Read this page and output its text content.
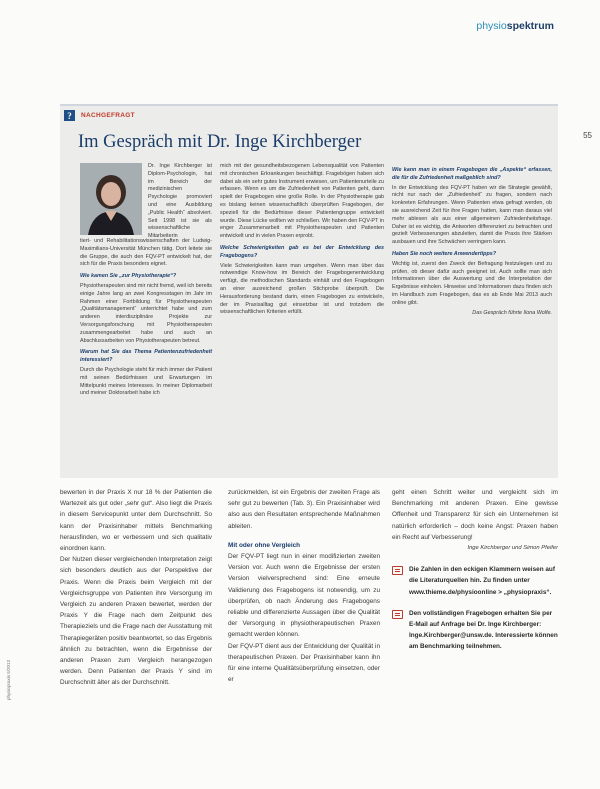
physiospektrum
55
?	NACHGEFRAGT
Im Gespräch mit Dr. Inge Kirchberger

Dr. Inge Kirchberger ist Diplom-Psychologin, hat im Bereich der medizinischen Psychologie promoviert und eine Ausbildung „Public Health“ absolviert. Seit 1998 ist sie als wissenschaftliche Mitarbeiterin

tiert- und Rehabilitationswissenschaften der Ludwig-Maximilians-Universität München tätig. Dort leitete sie die Gruppe, die auch den FQV-PT entwickelt hat, der sich für die Praxis besonders eignet.

Wie kamen Sie „zur Physiotherapie“?

Physiotherapeuten sind mir nicht fremd, weil ich bereits einige Jahre lang an zwei Kongresstagen im Jahr im Rahmen einer Fortbildung für Physiotherapeuten „Qualitätsmanagement“ unterrichtet habe und zum anderen interdisziplinäre Projekte zur Versorgungsforschung mit Physiotherapeuten zusammengearbeitet habe und auch an Abschlussarbeiten von Physiotherapeuten betreut.

Warum hat Sie das Thema Patientenzufriedenheit interessiert?

Durch die Psychologie steht für mich immer der Patient mit seinen Bedürfnissen und Erwartungen im Mittelpunkt meines Interesses. In meiner Diplomarbeit und meiner Doktorarbeit habe ich

mich mit der gesundheitsbezogenen Lebensqualität von Patienten mit chronischen Erkrankungen beschäftigt. Fragebögen haben sich dabei als ein sehr gutes Instrument erwiesen, um Patientenurteile zu erfassen. Wenn es um die Zufriedenheit von Patienten geht, dann spielt der Fragebogen eine große Rolle. In der Physiotherapie gab es bislang keinen wissenschaftlich überprüften Fragebogen, der speziell für die Bedürfnisse dieser Patientengruppe entwickelt wurde. Diese Lücke wollten wir schließen. Wir haben den FQV-PT in enger Zusammenarbeit mit Physiotherapeuten und Patienten entwickelt und in vielen Praxen erprobt.

Welche Schwierigkeiten gab es bei der Entwicklung des Fragebogens?

Viele Schwierigkeiten kann man umgehen. Wenn man über das notwendige Know-how im Bereich der Fragebogenentwicklung verfügt, die methodischen Standards einhält und den Fragebogen an einer ausreichend großen Stichprobe überprüft. Die Herausforderung bestand darin, einen Fragebogen zu entwickeln, der im Praxisalltag gut einsetzbar ist und trotzdem die wissenschaftlichen Kriterien erfüllt.

Wie kann man in einem Fragebogen die „Aspekte“ erfassen, die für die Zufriedenheit maßgeblich sind?

In der Entwicklung des FQV-PT haben wir die Strategie gewählt, nicht nur nach der „Zufriedenheit“ zu fragen, sondern nach konkreten Erfahrungen. Wenn Patienten etwa gefragt werden, ob sie ausreichend Zeit für ihre Fragen hatten, kann man daraus viel mehr ablesen als aus einer allgemeinen Zufriedenheitsfrage. Daher ist es wichtig, die Antworten differenziert zu betrachten und gezielt Verbesserungen abzuleiten, damit die Praxis ihre Stärken ausbauen und ihre Schwächen verringern kann.

Haben Sie noch weitere Anwendertipps?

Wichtig ist, zuerst den Zweck der Befragung festzulegen und zu prüfen, ob dieser dafür auch geeignet ist. Auch sollte man sich Informationen über die Auswertung und die Interpretation der Ergebnisse einholen. Hinweise und Informationen dazu finden sich im Handbuch zum Fragebogen, das es ab Ende Mai 2013 auch online gibt.

Das Gespräch führte Ilona Wolfe.

bewerten in der Praxis X nur 18 % der Patienten die Wartezeit als gut oder „sehr gut“. Also liegt die Praxis in diesem Servicepunkt unter dem Durchschnitt. So kann der Praxisinhaber mittels Benchmarking herausfinden, wo er verbessern und sich qualitativ einordnen kann.

Der Nutzen dieser vergleichenden Interpretation zeigt sich besonders deutlich aus der Perspektive der Praxis. Wenn die Praxis beim Vergleich mit der Vergleichsgruppe von Patienten ihre Versorgung im Vergleich zu anderen Praxen bewertet, werden der Praxis Y die Frage nach dem Zeitpunkt des Therapieziels und die Frage nach der Ausstattung mit Therapiegeräten positiv beantwortet, so das Ergebnis ähnlich zu betrachten, wenn die Ergebnisse der anderen Praxen zum Vergleich herangezogen werden. Denn Patienten der Praxis Y sind im Durchschnitt älter als der Durchschnitt.

zurückmelden, ist ein Ergebnis der zweiten Frage als sehr gut zu bewerten (Tab. 3). Ein Praxisinhaber wird also aus den Resultaten entsprechende Maßnahmen ableiten.

Mit oder ohne Vergleich

Der FQV-PT liegt nun in einer modifizierten zweiten Version vor. Auch wenn die Ergebnisse der ersten Version vielversprechend sind: Eine erneute Validierung des Fragebogens ist notwendig, um zu überprüfen, ob nach Änderung des Fragebogens reliable und differenzierte Aussagen über die Qualität der Versorgung in physiotherapeutischen Praxen gemacht werden können.

Der FQV-PT dient aus der Entwicklung der Qualität in therapeutischen Praxen. Der Praxisinhaber kann ihn für eine interne Qualitätsüberprüfung einsetzen, oder er

geht einen Schritt weiter und vergleicht sich im Benchmarking mit anderen Praxen. Eine gewisse Offenheit und Transparenz für sich ein Unternehmen ist natürlich erforderlich – doch keine Angst: Praxen haben ein Recht auf Verbesserung!

Inge Kirchberger und Simon Pfeifer

Die Zahlen in den eckigen Klammern weisen auf die Literaturquellen hin. Zu finden unter www.thieme.de/physioonline > „physiopraxis“.
Den vollständigen Fragebogen erhalten Sie per E-Mail auf Anfrage bei Dr. Inge Kirchberger: Inge.Kirchberger@unsw.de. Interessierte können am Benchmarking teilnehmen.
physiopraxis 5/2013
